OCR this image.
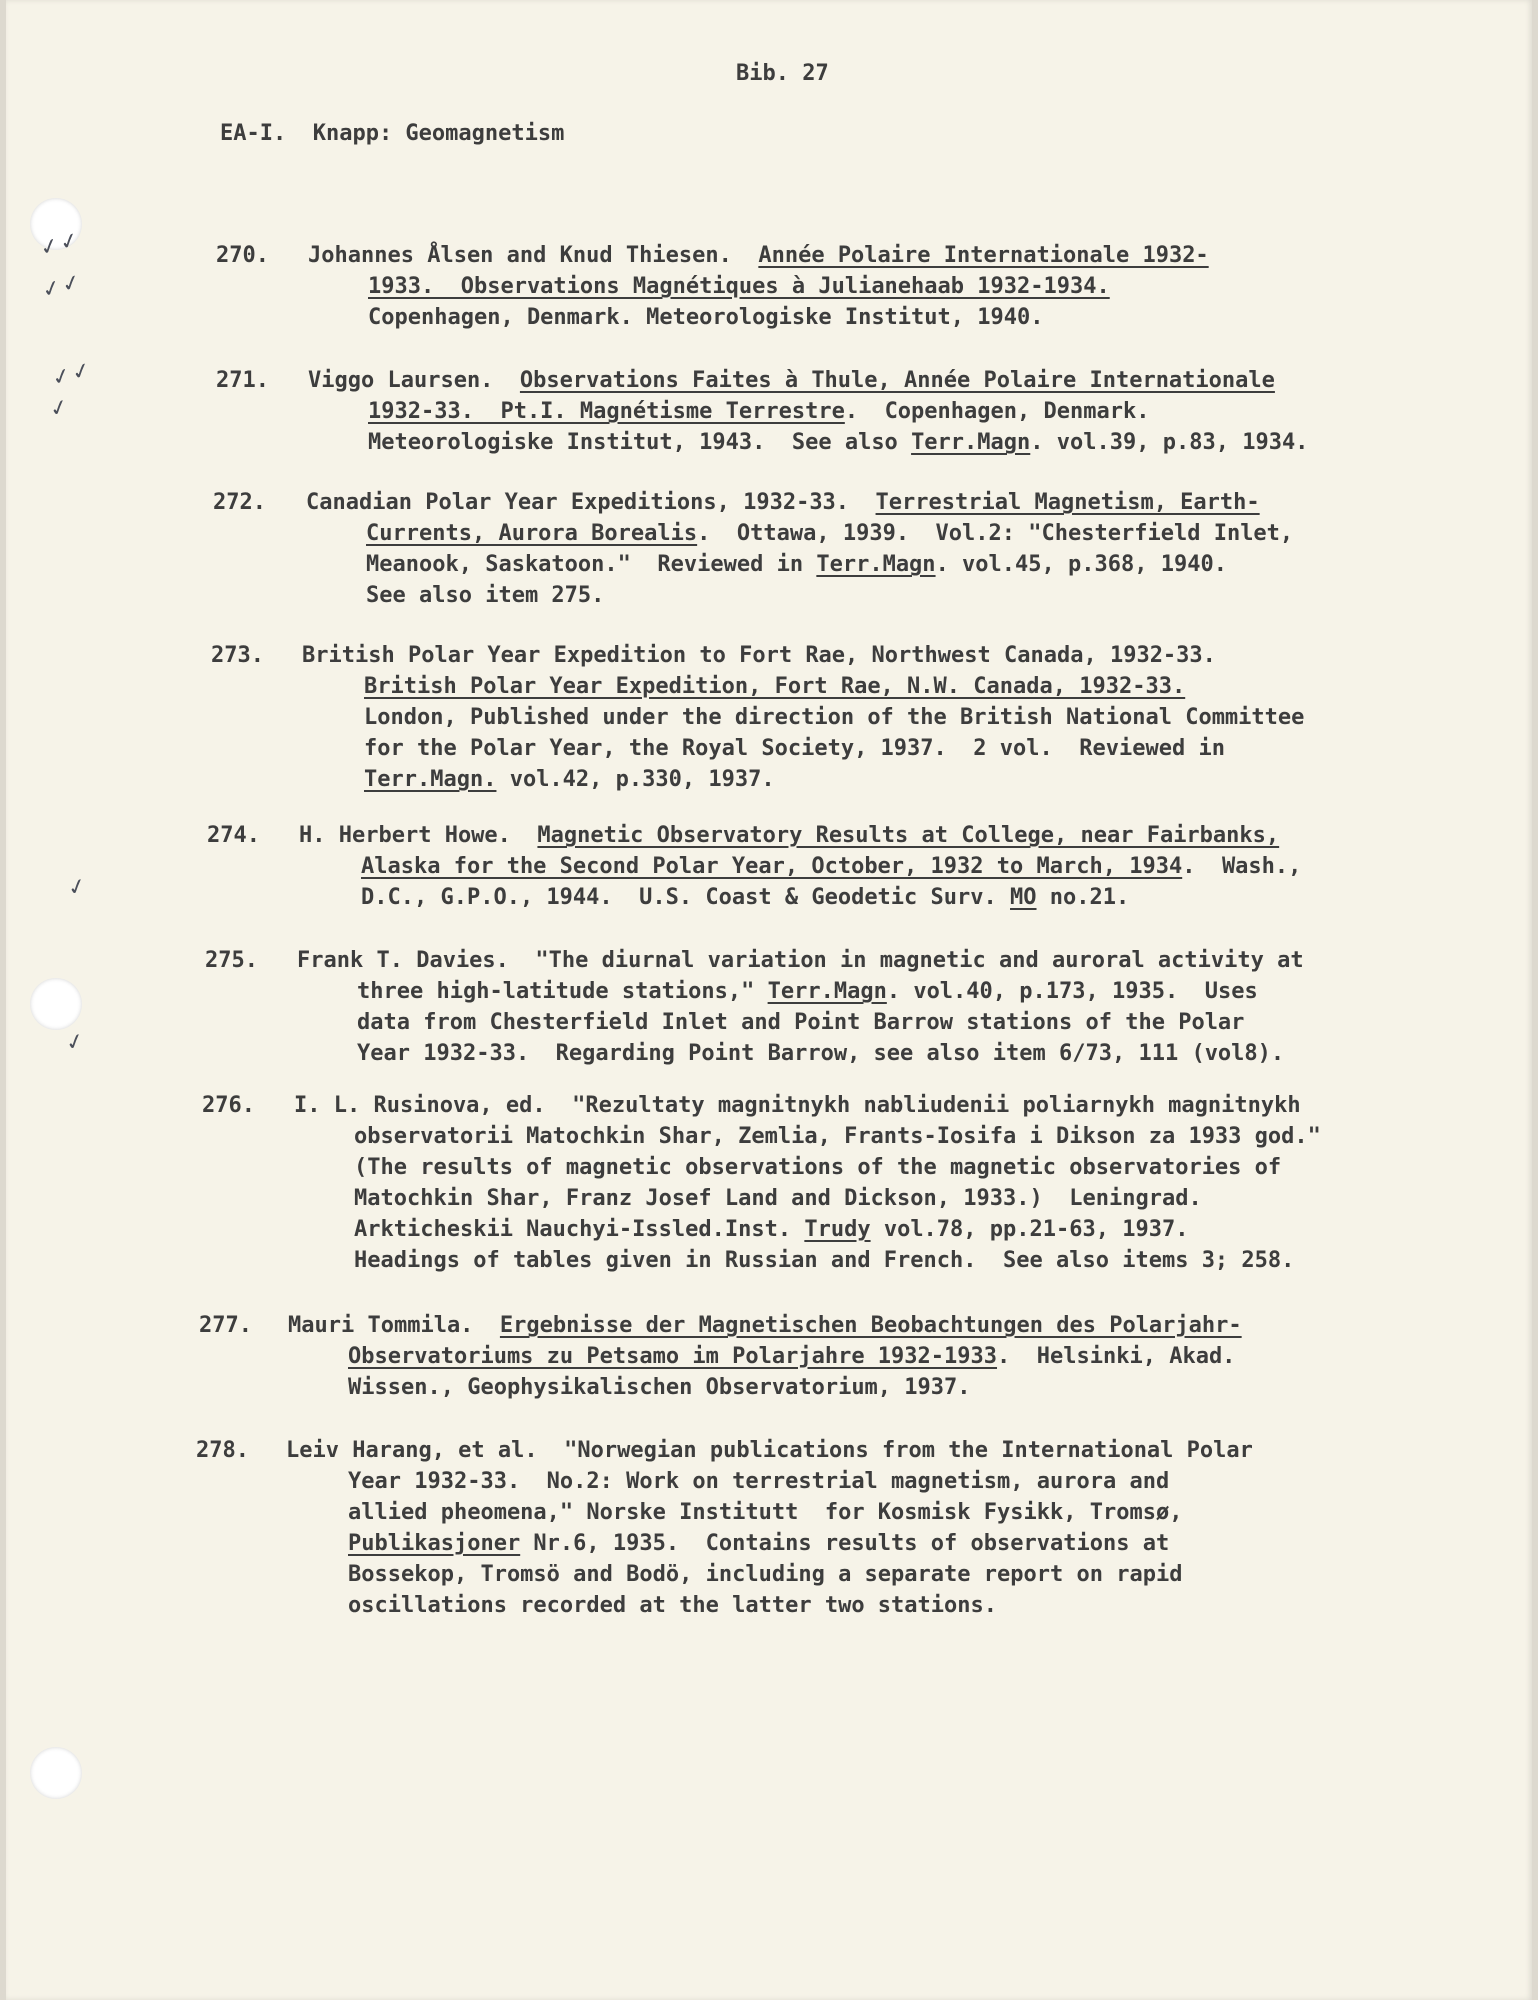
✓✓
✓✓
✓✓
✓
✓
✓
Bib. 27
EA-I.  Knapp: Geomagnetism
270. Johannes Ålsen and Knud Thiesen.  Année Polaire Internationale 1932-
1933.  Observations Magnétiques à Julianehaab 1932-1934.
Copenhagen, Denmark. Meteorologiske Institut, 1940.
271. Viggo Laursen.  Observations Faites à Thule, Année Polaire Internationale
1932-33.  Pt.I. Magnétisme Terrestre.  Copenhagen, Denmark.
Meteorologiske Institut, 1943.  See also Terr.Magn. vol.39, p.83, 1934.
272. Canadian Polar Year Expeditions, 1932-33.  Terrestrial Magnetism, Earth-
Currents, Aurora Borealis.  Ottawa, 1939.  Vol.2: "Chesterfield Inlet,
Meanook, Saskatoon."  Reviewed in Terr.Magn. vol.45, p.368, 1940.
See also item 275.
273. British Polar Year Expedition to Fort Rae, Northwest Canada, 1932-33.
British Polar Year Expedition, Fort Rae, N.W. Canada, 1932-33.
London, Published under the direction of the British National Committee
for the Polar Year, the Royal Society, 1937.  2 vol.  Reviewed in
Terr.Magn. vol.42, p.330, 1937.
274. H. Herbert Howe.  Magnetic Observatory Results at College, near Fairbanks,
Alaska for the Second Polar Year, October, 1932 to March, 1934.  Wash.,
D.C., G.P.O., 1944.  U.S. Coast & Geodetic Surv. MO no.21.
275. Frank T. Davies.  "The diurnal variation in magnetic and auroral activity at
three high-latitude stations," Terr.Magn. vol.40, p.173, 1935.  Uses
data from Chesterfield Inlet and Point Barrow stations of the Polar
Year 1932-33.  Regarding Point Barrow, see also item 6/73, 111 (vol8).
276. I. L. Rusinova, ed.  "Rezultaty magnitnykh nabliudenii poliarnykh magnitnykh
observatorii Matochkin Shar, Zemlia, Frants-Iosifa i Dikson za 1933 god."
(The results of magnetic observations of the magnetic observatories of
Matochkin Shar, Franz Josef Land and Dickson, 1933.)  Leningrad.
Arkticheskii Nauchyi-Issled.Inst. Trudy vol.78, pp.21-63, 1937.
Headings of tables given in Russian and French.  See also items 3; 258.
277. Mauri Tommila.  Ergebnisse der Magnetischen Beobachtungen des Polarjahr-
Observatoriums zu Petsamo im Polarjahre 1932-1933.  Helsinki, Akad.
Wissen., Geophysikalischen Observatorium, 1937.
278. Leiv Harang, et al.  "Norwegian publications from the International Polar
Year 1932-33.  No.2: Work on terrestrial magnetism, aurora and
allied pheomena," Norske Institutt  for Kosmisk Fysikk, Tromsø,
Publikasjoner Nr.6, 1935.  Contains results of observations at
Bossekop, Tromsö and Bodö, including a separate report on rapid
oscillations recorded at the latter two stations.
